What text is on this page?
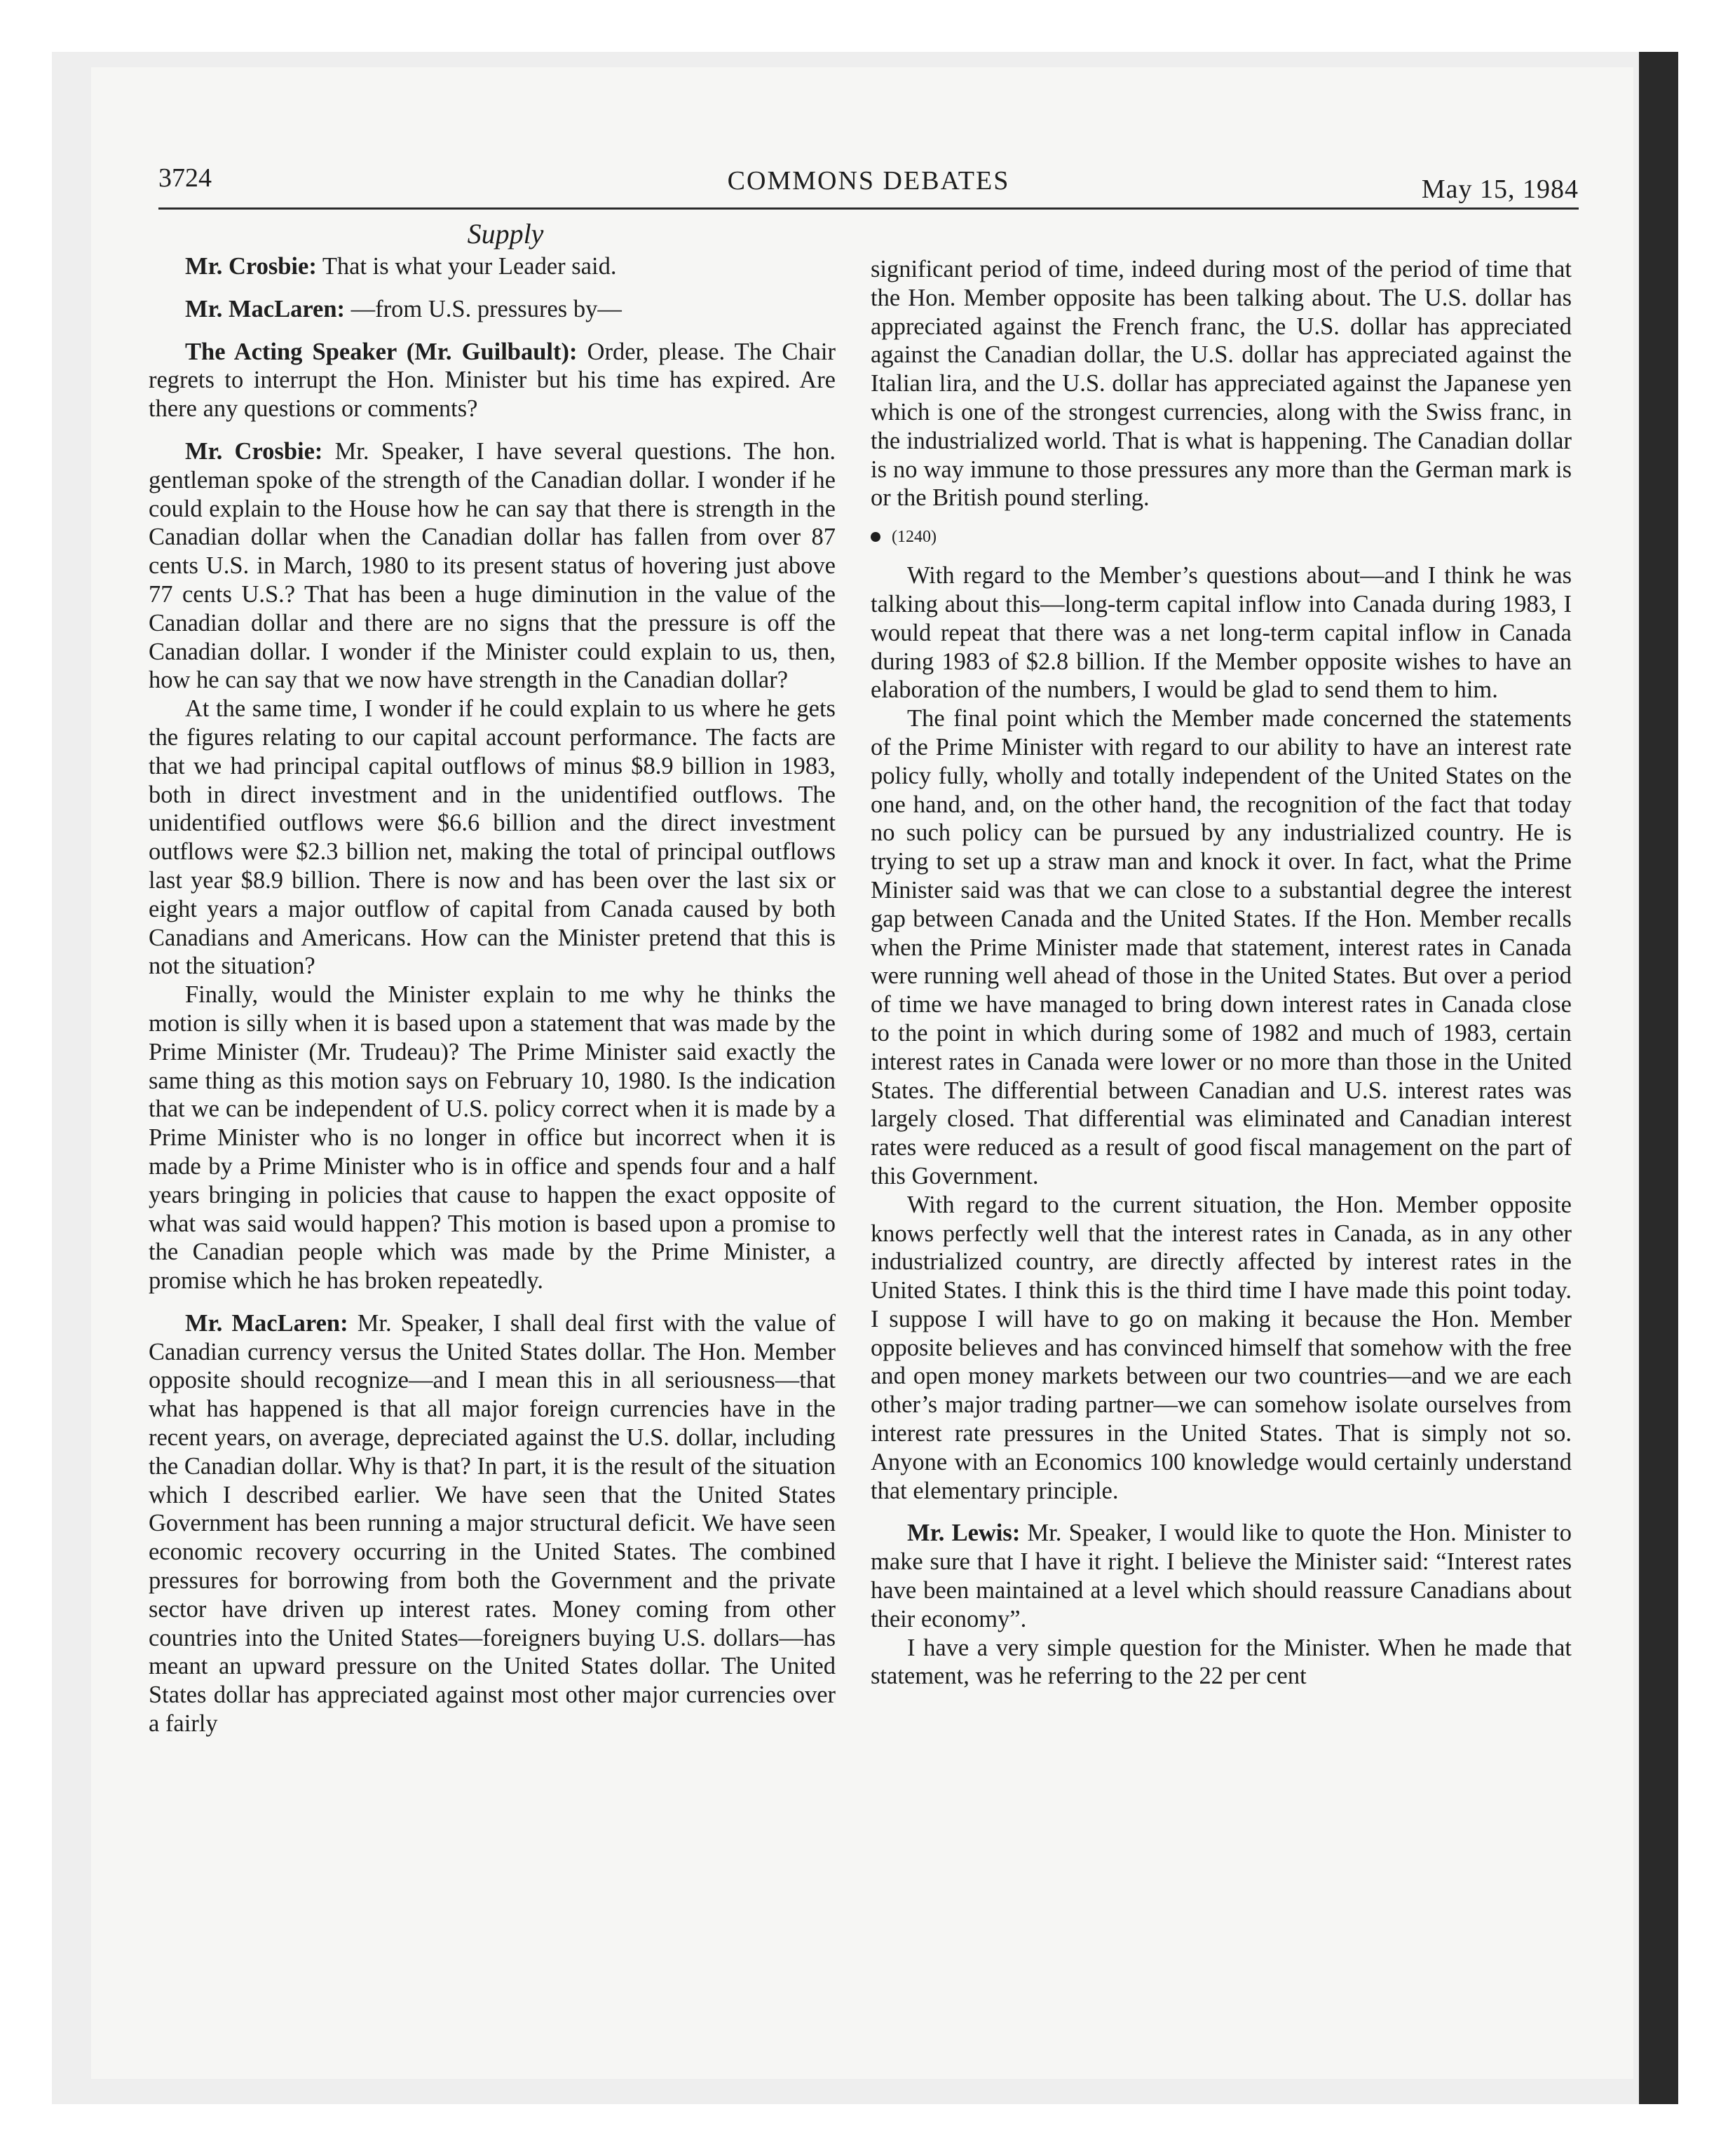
3724	COMMONS DEBATES	May 15, 1984
Supply

Mr. Crosbie: That is what your Leader said.

Mr. MacLaren: —from U.S. pressures by—

The Acting Speaker (Mr. Guilbault): Order, please. The Chair regrets to interrupt the Hon. Minister but his time has expired. Are there any questions or comments?

Mr. Crosbie: Mr. Speaker, I have several questions. The hon. gentleman spoke of the strength of the Canadian dollar. I wonder if he could explain to the House how he can say that there is strength in the Canadian dollar when the Canadian dollar has fallen from over 87 cents U.S. in March, 1980 to its present status of hovering just above 77 cents U.S.? That has been a huge diminution in the value of the Canadian dollar and there are no signs that the pressure is off the Canadian dollar. I wonder if the Minister could explain to us, then, how he can say that we now have strength in the Canadian dollar?

At the same time, I wonder if he could explain to us where he gets the figures relating to our capital account performance. The facts are that we had principal capital outflows of minus $8.9 billion in 1983, both in direct investment and in the unidentified outflows. The unidentified outflows were $6.6 billion and the direct investment outflows were $2.3 billion net, making the total of principal outflows last year $8.9 billion. There is now and has been over the last six or eight years a major outflow of capital from Canada caused by both Canadians and Americans. How can the Minister pretend that this is not the situation?

Finally, would the Minister explain to me why he thinks the motion is silly when it is based upon a statement that was made by the Prime Minister (Mr. Trudeau)? The Prime Minister said exactly the same thing as this motion says on February 10, 1980. Is the indication that we can be independent of U.S. policy correct when it is made by a Prime Minister who is no longer in office but incorrect when it is made by a Prime Minister who is in office and spends four and a half years bringing in policies that cause to happen the exact opposite of what was said would happen? This motion is based upon a promise to the Canadian people which was made by the Prime Minister, a promise which he has broken repeatedly.

Mr. MacLaren: Mr. Speaker, I shall deal first with the value of Canadian currency versus the United States dollar. The Hon. Member opposite should recognize—and I mean this in all seriousness—that what has happened is that all major foreign currencies have in the recent years, on average, depreciated against the U.S. dollar, including the Canadian dollar. Why is that? In part, it is the result of the situation which I described earlier. We have seen that the United States Government has been running a major structural deficit. We have seen economic recovery occurring in the United States. The combined pressures for borrowing from both the Government and the private sector have driven up interest rates. Money coming from other countries into the United States—foreigners buying U.S. dollars—has meant an upward pressure on the United States dollar. The United States dollar has appreciated against most other major currencies over a fairly

significant period of time, indeed during most of the period of time that the Hon. Member opposite has been talking about. The U.S. dollar has appreciated against the French franc, the U.S. dollar has appreciated against the Canadian dollar, the U.S. dollar has appreciated against the Italian lira, and the U.S. dollar has appreciated against the Japanese yen which is one of the strongest currencies, along with the Swiss franc, in the industrialized world. That is what is happening. The Canadian dollar is no way immune to those pressures any more than the German mark is or the British pound sterling.

(1240)

With regard to the Member’s questions about—and I think he was talking about this—long-term capital inflow into Canada during 1983, I would repeat that there was a net long-term capital inflow in Canada during 1983 of $2.8 billion. If the Member opposite wishes to have an elaboration of the numbers, I would be glad to send them to him.

The final point which the Member made concerned the statements of the Prime Minister with regard to our ability to have an interest rate policy fully, wholly and totally independent of the United States on the one hand, and, on the other hand, the recognition of the fact that today no such policy can be pursued by any industrialized country. He is trying to set up a straw man and knock it over. In fact, what the Prime Minister said was that we can close to a substantial degree the interest gap between Canada and the United States. If the Hon. Member recalls when the Prime Minister made that statement, interest rates in Canada were running well ahead of those in the United States. But over a period of time we have managed to bring down interest rates in Canada close to the point in which during some of 1982 and much of 1983, certain interest rates in Canada were lower or no more than those in the United States. The differential between Canadian and U.S. interest rates was largely closed. That differential was eliminated and Canadian interest rates were reduced as a result of good fiscal management on the part of this Government.

With regard to the current situation, the Hon. Member opposite knows perfectly well that the interest rates in Canada, as in any other industrialized country, are directly affected by interest rates in the United States. I think this is the third time I have made this point today. I suppose I will have to go on making it because the Hon. Member opposite believes and has convinced himself that somehow with the free and open money markets between our two countries—and we are each other’s major trading partner—we can somehow isolate ourselves from interest rate pressures in the United States. That is simply not so. Anyone with an Economics 100 knowledge would certainly understand that elementary principle.

Mr. Lewis: Mr. Speaker, I would like to quote the Hon. Minister to make sure that I have it right. I believe the Minister said: “Interest rates have been maintained at a level which should reassure Canadians about their economy”.

I have a very simple question for the Minister. When he made that statement, was he referring to the 22 per cent
